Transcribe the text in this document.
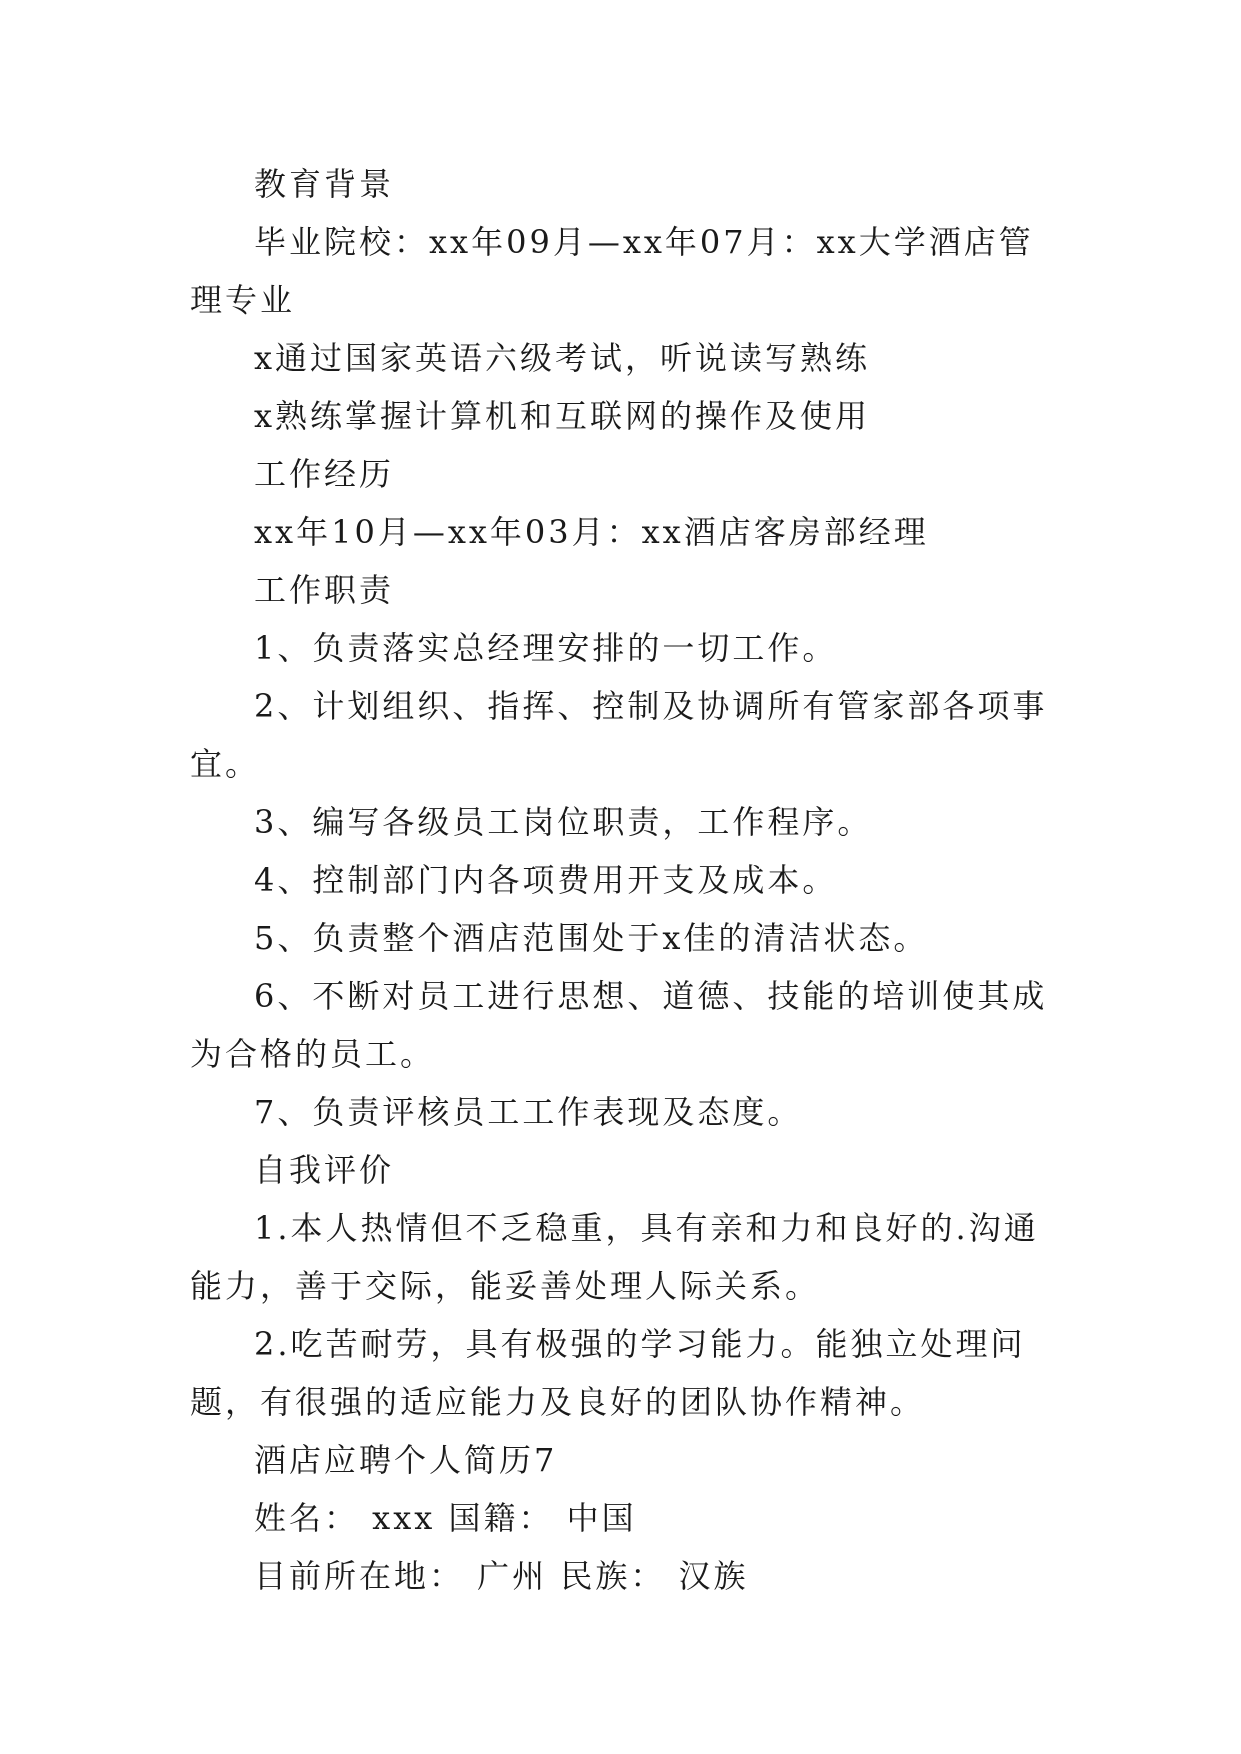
教育背景

毕业院校：xx年09月—xx年07月：xx大学酒店管理专业

x通过国家英语六级考试，听说读写熟练

x熟练掌握计算机和互联网的操作及使用

工作经历

xx年10月—xx年03月：xx酒店客房部经理

工作职责

1、负责落实总经理安排的一切工作。

2、计划组织、指挥、控制及协调所有管家部各项事宜。

3、编写各级员工岗位职责，工作程序。

4、控制部门内各项费用开支及成本。

5、负责整个酒店范围处于x佳的清洁状态。

6、不断对员工进行思想、道德、技能的培训使其成为合格的员工。

7、负责评核员工工作表现及态度。

自我评价

1.本人热情但不乏稳重，具有亲和力和良好的.沟通能力，善于交际，能妥善处理人际关系。

2.吃苦耐劳，具有极强的学习能力。能独立处理问题，有很强的适应能力及良好的团队协作精神。

酒店应聘个人简历7

姓名： xxx 国籍： 中国

目前所在地： 广州 民族： 汉族
